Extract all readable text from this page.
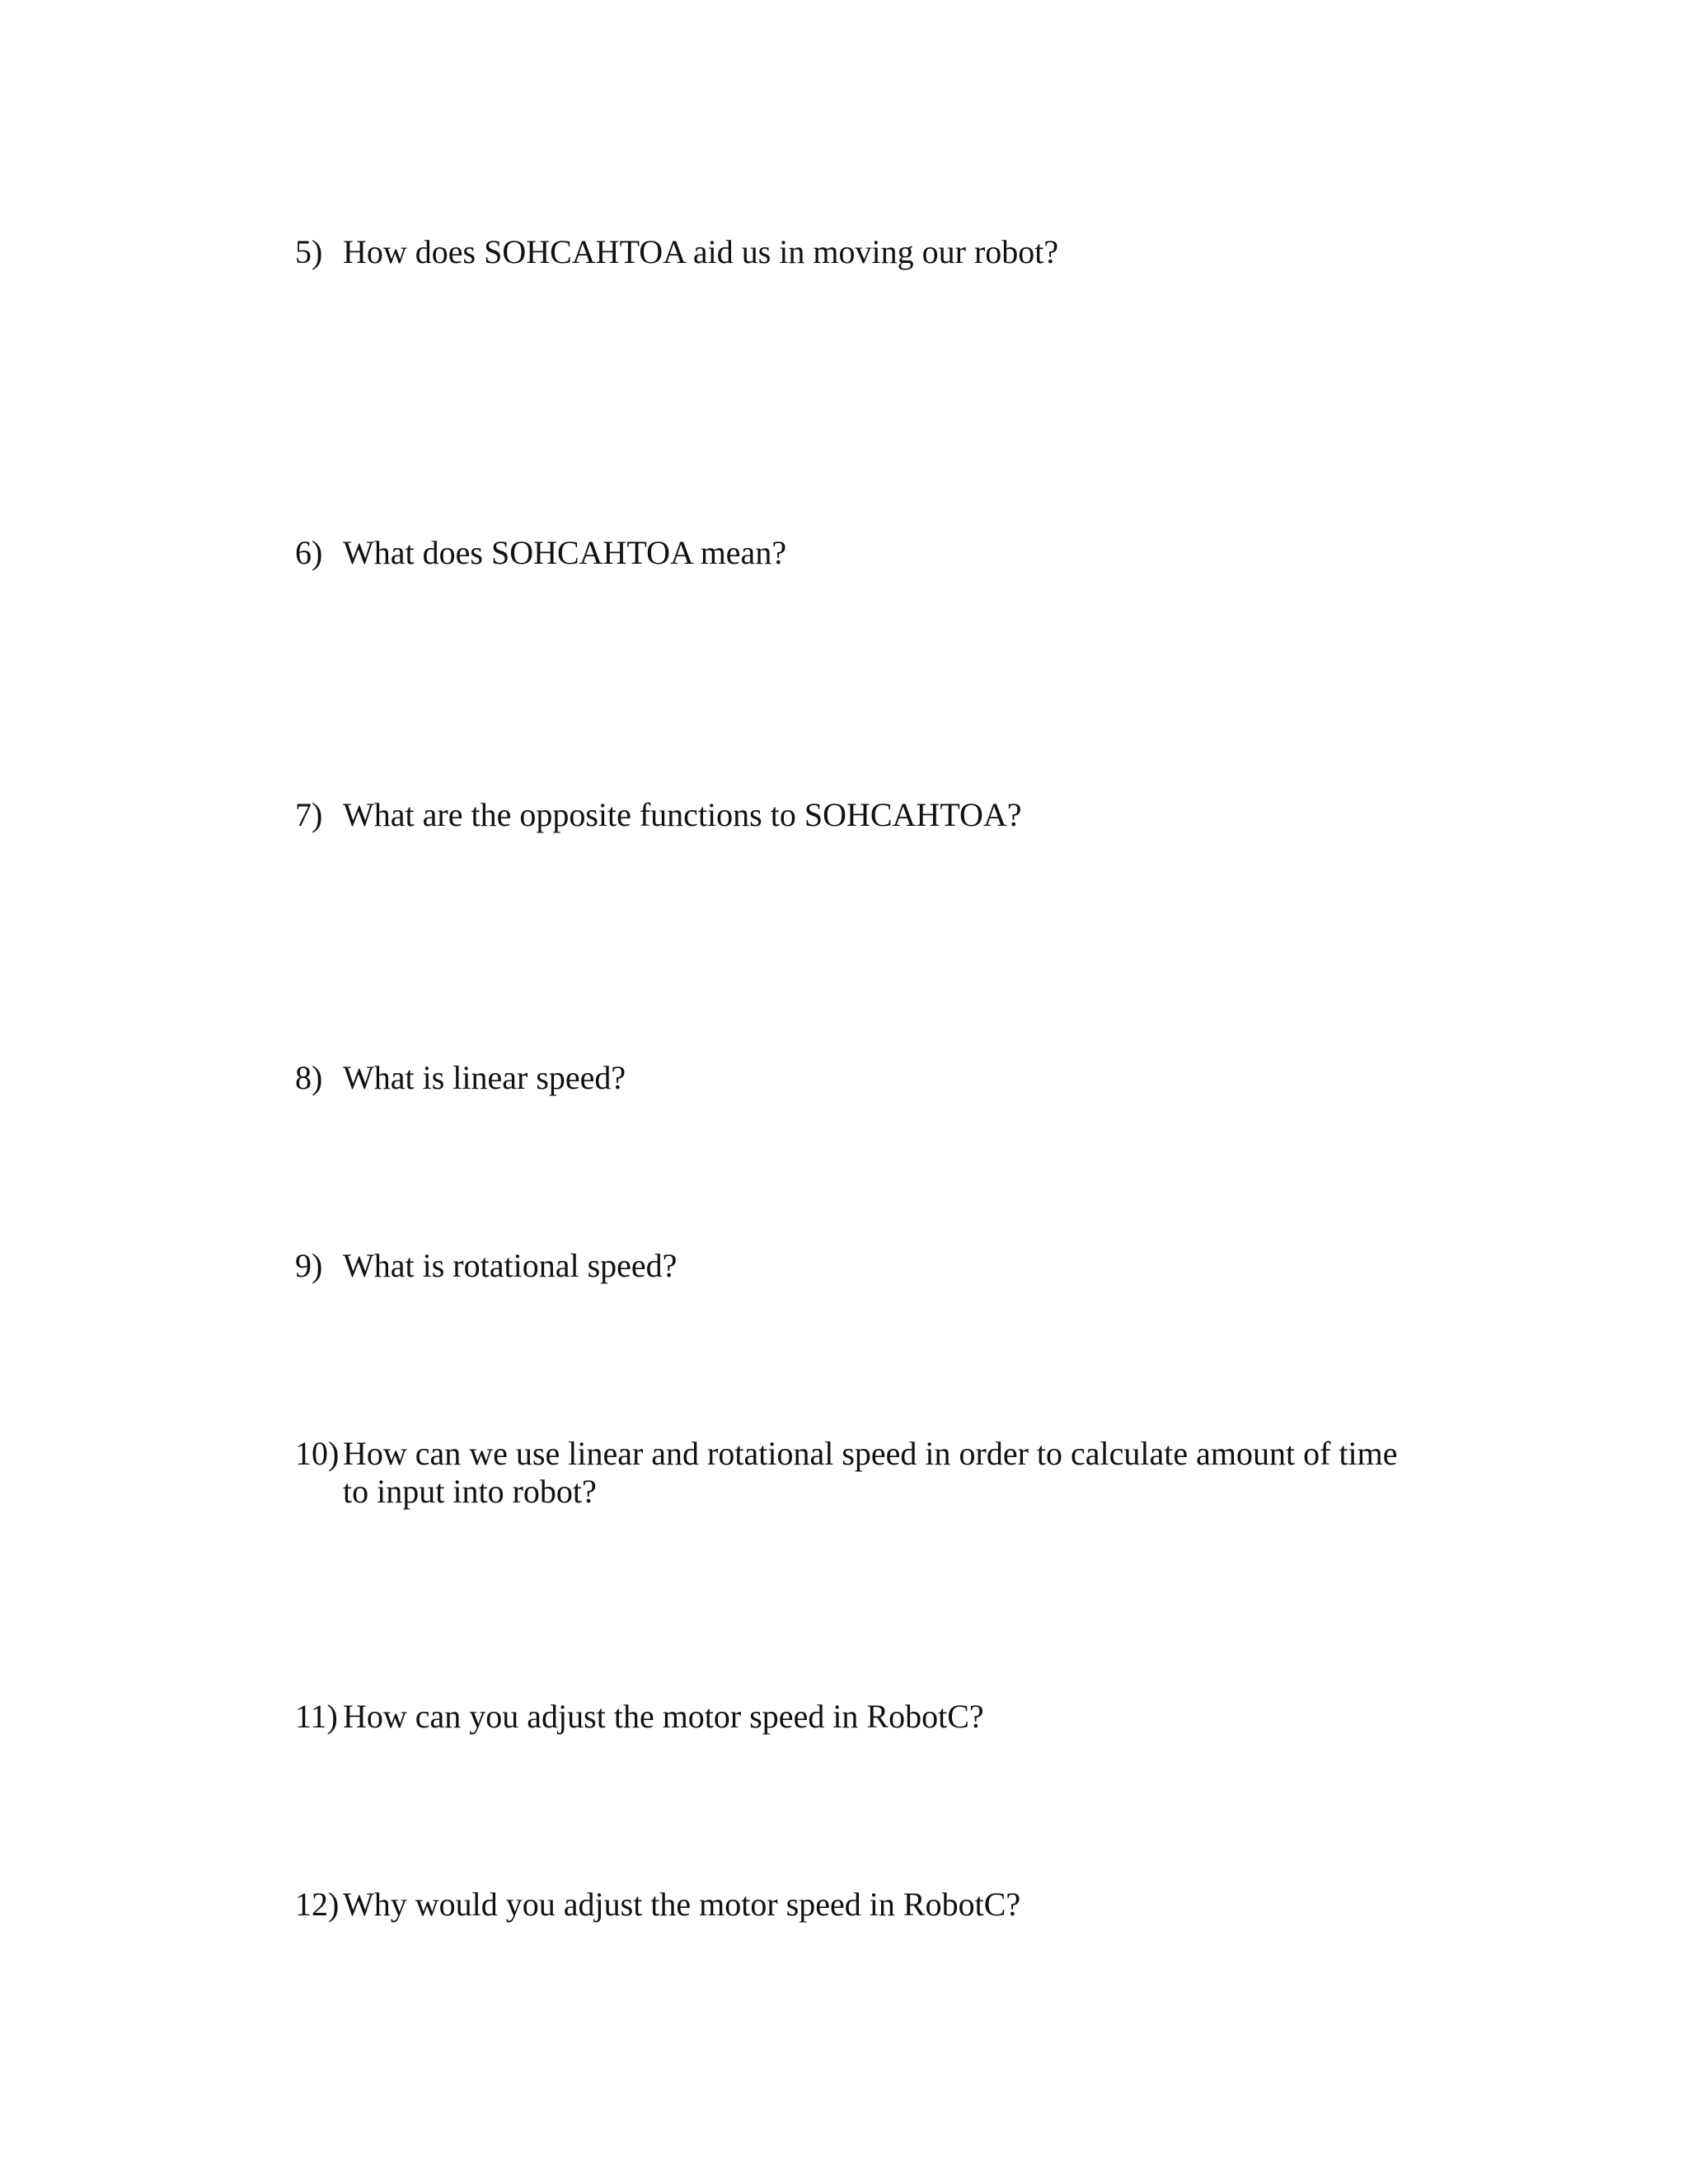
5) How does SOHCAHTOA aid us in moving our robot?
6) What does SOHCAHTOA mean?
7) What are the opposite functions to SOHCAHTOA?
8) What is linear speed?
9) What is rotational speed?
10) How can we use linear and rotational speed in order to calculate amount of time
to input into robot?
11) How can you adjust the motor speed in RobotC?
12) Why would you adjust the motor speed in RobotC?
